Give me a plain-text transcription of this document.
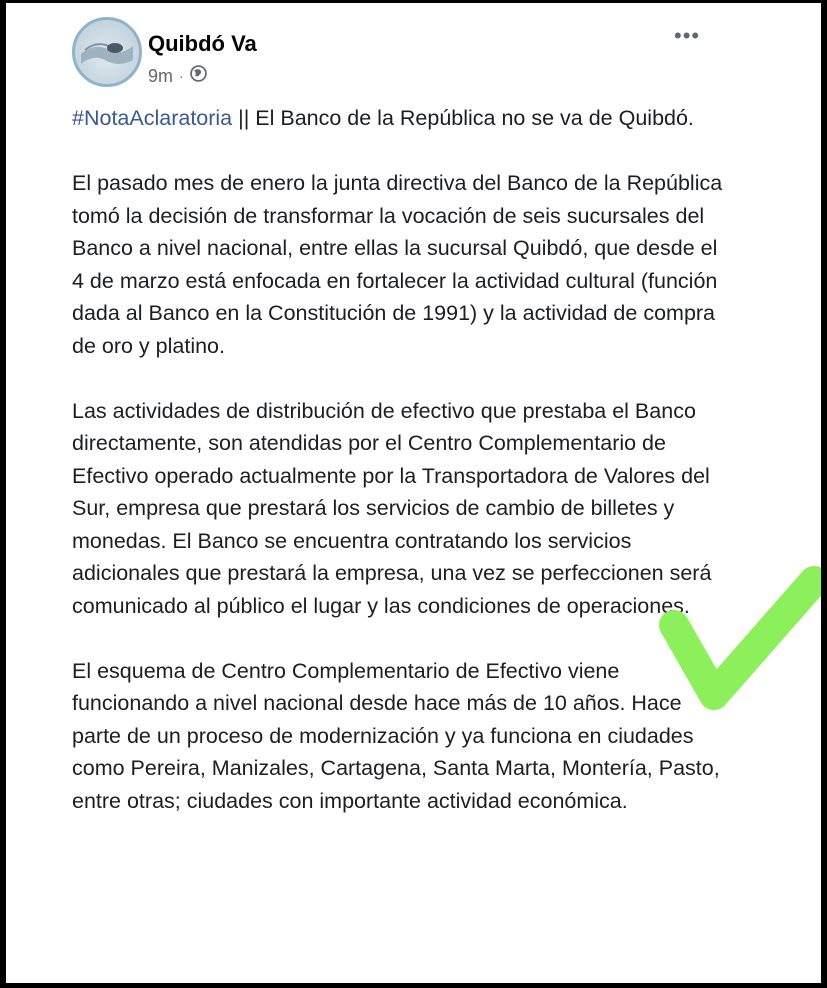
Quibdó Va
9m ·
•••

#NotaAclaratoria || El Banco de la República no se va de Quibdó.

El pasado mes de enero la junta directiva del Banco de la República tomó la decisión de transformar la vocación de seis sucursales del Banco a nivel nacional, entre ellas la sucursal Quibdó, que desde el 4 de marzo está enfocada en fortalecer la actividad cultural (función dada al Banco en la Constitución de 1991) y la actividad de compra de oro y platino.

Las actividades de distribución de efectivo que prestaba el Banco directamente, son atendidas por el Centro Complementario de Efectivo operado actualmente por la Transportadora de Valores del Sur, empresa que prestará los servicios de cambio de billetes y monedas. El Banco se encuentra contratando los servicios adicionales que prestará la empresa, una vez se perfeccionen será comunicado al público el lugar y las condiciones de operaciones.

El esquema de Centro Complementario de Efectivo viene funcionando a nivel nacional desde hace más de 10 años. Hace parte de un proceso de modernización y ya funciona en ciudades como Pereira, Manizales, Cartagena, Santa Marta, Montería, Pasto, entre otras; ciudades con importante actividad económica.
